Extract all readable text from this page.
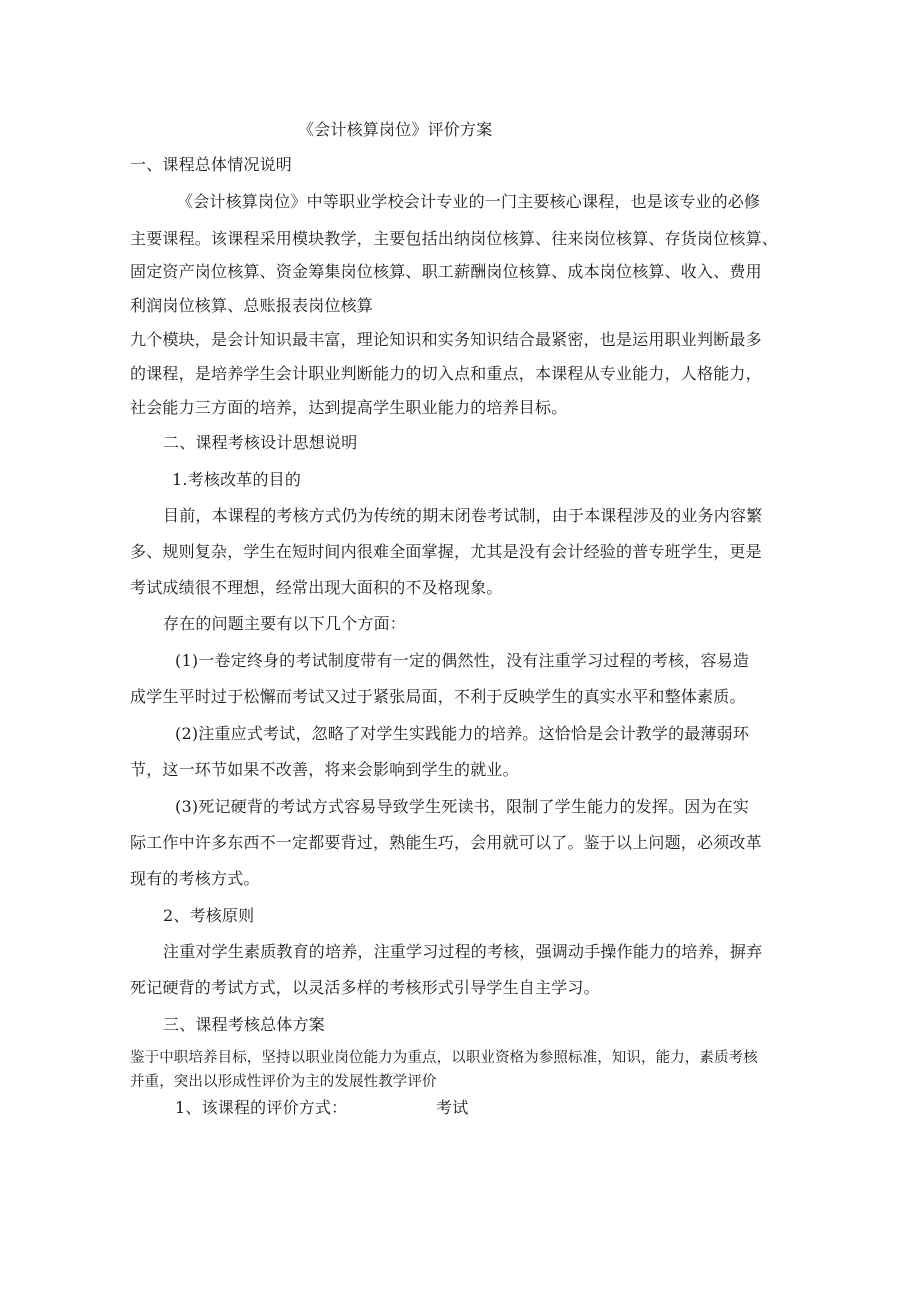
《会计核算岗位》评价方案
一、课程总体情况说明
《会计核算岗位》中等职业学校会计专业的一门主要核心课程，也是该专业的必修
主要课程。该课程采用模块教学，主要包括出纳岗位核算、往来岗位核算、存货岗位核算、
固定资产岗位核算、资金筹集岗位核算、职工薪酬岗位核算、成本岗位核算、收入、费用
利润岗位核算、总账报表岗位核算
九个模块，是会计知识最丰富，理论知识和实务知识结合最紧密，也是运用职业判断最多
的课程，是培养学生会计职业判断能力的切入点和重点，本课程从专业能力，人格能力，
社会能力三方面的培养，达到提高学生职业能力的培养目标。
二、课程考核设计思想说明
1.考核改革的目的
目前，本课程的考核方式仍为传统的期末闭卷考试制，由于本课程涉及的业务内容繁
多、规则复杂，学生在短时间内很难全面掌握，尤其是没有会计经验的普专班学生，更是
考试成绩很不理想，经常出现大面积的不及格现象。
存在的问题主要有以下几个方面：
(1)一卷定终身的考试制度带有一定的偶然性，没有注重学习过程的考核，容易造
成学生平时过于松懈而考试又过于紧张局面，不利于反映学生的真实水平和整体素质。
(2)注重应式考试，忽略了对学生实践能力的培养。这恰恰是会计教学的最薄弱环
节，这一环节如果不改善，将来会影响到学生的就业。
(3)死记硬背的考试方式容易导致学生死读书，限制了学生能力的发挥。因为在实
际工作中许多东西不一定都要背过，熟能生巧，会用就可以了。鉴于以上问题，必须改革
现有的考核方式。
2、考核原则
注重对学生素质教育的培养，注重学习过程的考核，强调动手操作能力的培养，摒弃
死记硬背的考试方式，以灵活多样的考核形式引导学生自主学习。
三、课程考核总体方案
鉴于中职培养目标，坚持以职业岗位能力为重点，以职业资格为参照标准，知识，能力，素质考核
并重，突出以形成性评价为主的发展性教学评价
1、该课程的评价方式：	考试
